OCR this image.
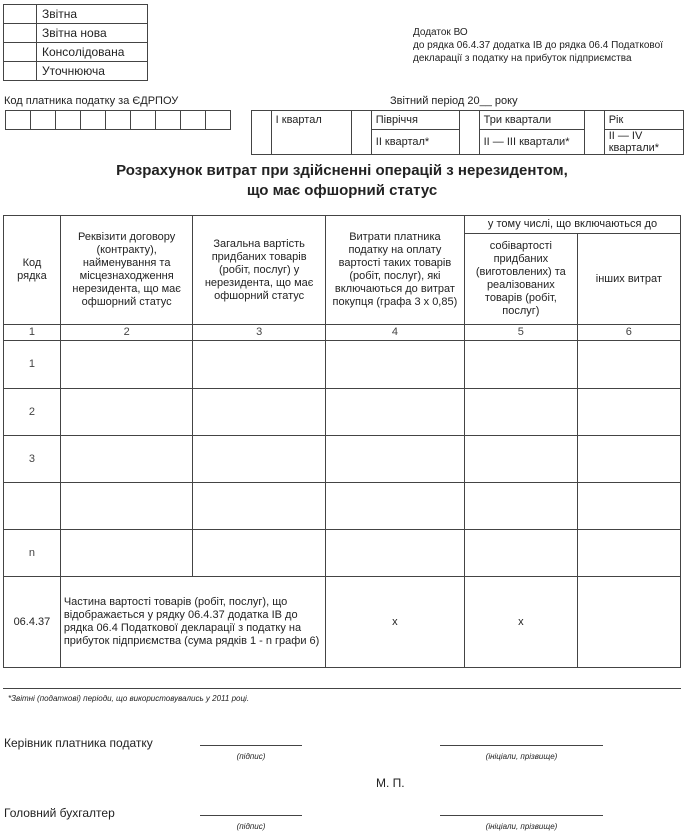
	Звітна
	Звітна нова
	Консолідована
	Уточнююча
Додаток ВО
до рядка 06.4.37 додатка ІВ до рядка 06.4 Податкової
декларації з податку на прибуток підприємства
Код платника податку за ЄДРПОУ
									Звітний період 20__ року
	І квартал		Півріччя		Три квартали		Рік
			ІІ квартал*		ІІ — ІІІ квартали*		ІІ — ІV квартали*
Розрахунок витрат при здійсненні операцій з нерезидентом,
що має офшорний статус
Код рядка	Реквізити договору (контракту), найменування та місцезнаходження нерезидента, що має офшорний статус	Загальна вартість придбаних товарів (робіт, послуг) у нерезидента, що має офшорний статус	Витрати платника податку на оплату вартості таких товарів (робіт, послуг), які включаються до витрат покупця (графа 3 х 0,85)	у тому числі, що включаються до	
				собівартості придбаних (виготовлених) та реалізованих товарів (робіт, послуг)	інших витрат
1	2	3	4	5	6
1					
2					
3					

n					
06.4.37	Частина вартості товарів (робіт, послуг), що відображається у рядку 06.4.37 додатка ІВ до рядка 06.4 Податкової декларації з податку на прибуток підприємства (сума рядків 1 - n графи 6)		x	x	
*Звітні (податкові) періоди, що використовувались у 2011 році.
Керівник платника податку
(підпис)	(ініціали, прізвище)
М. П.
Головний бухгалтер
(підпис)	(ініціали, прізвище)
